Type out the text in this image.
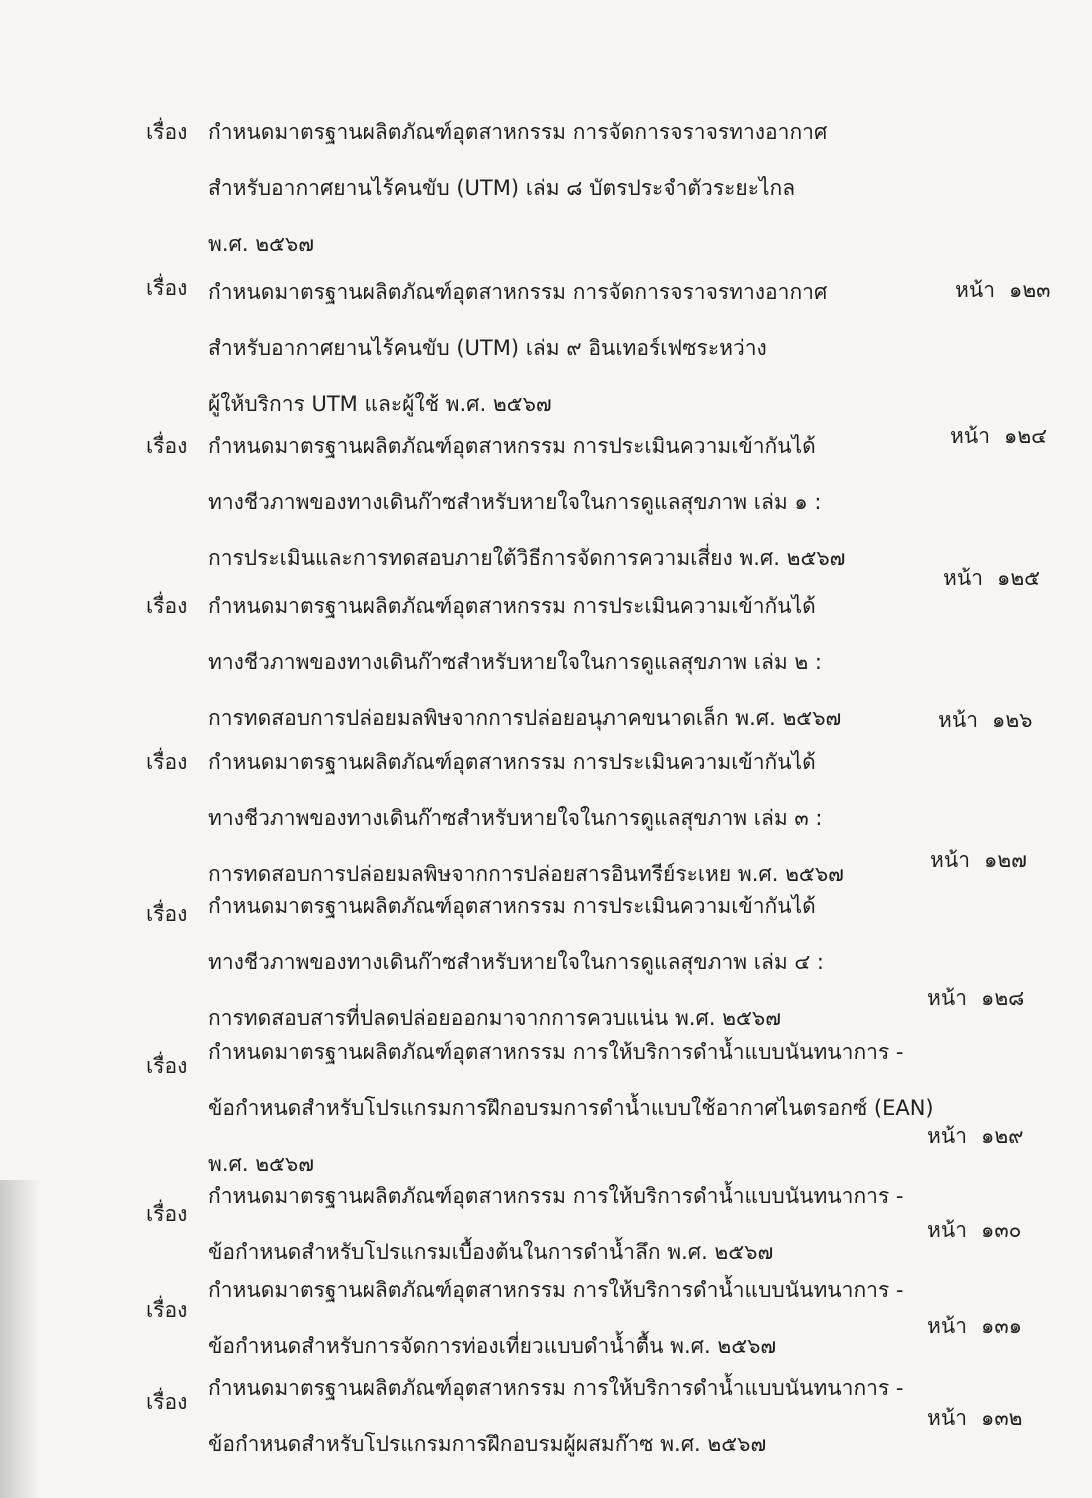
เรื่อง กำหนดมาตรฐานผลิตภัณฑ์อุตสาหกรรม การจัดการจราจรทางอากาศ
สำหรับอากาศยานไร้คนขับ (UTM) เล่ม ๘ บัตรประจำตัวระยะไกล
พ.ศ. ๒๕๖๗
หน้า ๑๒๓
เรื่อง กำหนดมาตรฐานผลิตภัณฑ์อุตสาหกรรม การจัดการจราจรทางอากาศ
สำหรับอากาศยานไร้คนขับ (UTM) เล่ม ๙ อินเทอร์เฟซระหว่าง
ผู้ให้บริการ UTM และผู้ใช้ พ.ศ. ๒๕๖๗
หน้า ๑๒๔
เรื่อง กำหนดมาตรฐานผลิตภัณฑ์อุตสาหกรรม การประเมินความเข้ากันได้
ทางชีวภาพของทางเดินก๊าซสำหรับหายใจในการดูแลสุขภาพ เล่ม ๑ :
การประเมินและการทดสอบภายใต้วิธีการจัดการความเสี่ยง พ.ศ. ๒๕๖๗
หน้า ๑๒๕
เรื่อง กำหนดมาตรฐานผลิตภัณฑ์อุตสาหกรรม การประเมินความเข้ากันได้
ทางชีวภาพของทางเดินก๊าซสำหรับหายใจในการดูแลสุขภาพ เล่ม ๒ :
การทดสอบการปล่อยมลพิษจากการปล่อยอนุภาคขนาดเล็ก พ.ศ. ๒๕๖๗	หน้า ๑๒๖
เรื่อง กำหนดมาตรฐานผลิตภัณฑ์อุตสาหกรรม การประเมินความเข้ากันได้
ทางชีวภาพของทางเดินก๊าซสำหรับหายใจในการดูแลสุขภาพ เล่ม ๓ :
การทดสอบการปล่อยมลพิษจากการปล่อยสารอินทรีย์ระเหย พ.ศ. ๒๕๖๗
หน้า ๑๒๗
เรื่อง กำหนดมาตรฐานผลิตภัณฑ์อุตสาหกรรม การประเมินความเข้ากันได้
ทางชีวภาพของทางเดินก๊าซสำหรับหายใจในการดูแลสุขภาพ เล่ม ๔ :
การทดสอบสารที่ปลดปล่อยออกมาจากการควบแน่น พ.ศ. ๒๕๖๗
หน้า ๑๒๘
เรื่อง
กำหนดมาตรฐานผลิตภัณฑ์อุตสาหกรรม การให้บริการดำน้ำแบบนันทนาการ -
ข้อกำหนดสำหรับโปรแกรมการฝึกอบรมการดำน้ำแบบใช้อากาศไนตรอกซ์ (EAN)
พ.ศ. ๒๕๖๗
หน้า ๑๒๙
เรื่อง
กำหนดมาตรฐานผลิตภัณฑ์อุตสาหกรรม การให้บริการดำน้ำแบบนันทนาการ -
ข้อกำหนดสำหรับโปรแกรมเบื้องต้นในการดำน้ำลึก พ.ศ. ๒๕๖๗
หน้า ๑๓๐
เรื่อง
กำหนดมาตรฐานผลิตภัณฑ์อุตสาหกรรม การให้บริการดำน้ำแบบนันทนาการ -
ข้อกำหนดสำหรับการจัดการท่องเที่ยวแบบดำน้ำตื้น พ.ศ. ๒๕๖๗
หน้า ๑๓๑
เรื่อง
กำหนดมาตรฐานผลิตภัณฑ์อุตสาหกรรม การให้บริการดำน้ำแบบนันทนาการ -
ข้อกำหนดสำหรับโปรแกรมการฝึกอบรมผู้ผสมก๊าซ พ.ศ. ๒๕๖๗
หน้า ๑๓๒
